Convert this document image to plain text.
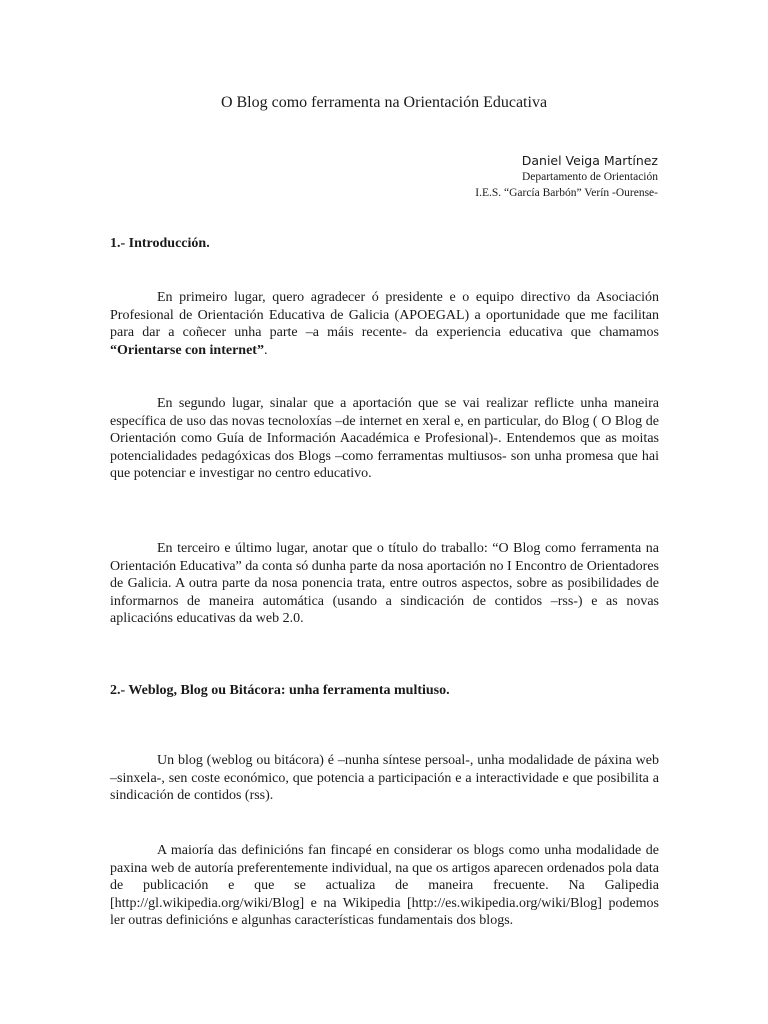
O Blog como ferramenta na Orientación Educativa
Daniel Veiga Martínez
Departamento de Orientación
I.E.S. “García Barbón” Verín -Ourense-
1.- Introducción.

En primeiro lugar, quero agradecer ó presidente e o equipo directivo da Asociación Profesional de Orientación Educativa de Galicia (APOEGAL) a oportunidade que me facilitan para dar a coñecer unha parte –a máis recente- da experiencia educativa que chamamos “Orientarse con internet”.

En segundo lugar, sinalar que a aportación que se vai realizar reflicte unha maneira específica de uso das novas tecnoloxías –de internet en xeral e, en particular, do Blog ( O Blog de Orientación como Guía de Información Aacadémica e Profesional)-. Entendemos que as moitas potencialidades pedagóxicas dos Blogs –como ferramentas multiusos- son unha promesa que hai que potenciar e investigar no centro educativo.

En terceiro e último lugar, anotar que o título do traballo: “O Blog como ferramenta na Orientación Educativa” da conta só dunha parte da nosa aportación no I Encontro de Orientadores de Galicia. A outra parte da nosa ponencia trata, entre outros aspectos, sobre as posibilidades de informarnos de maneira automática (usando a sindicación de contidos –rss-) e as novas aplicacións educativas da web 2.0.

2.- Weblog, Blog ou Bitácora: unha ferramenta multiuso.

Un blog (weblog ou bitácora) é –nunha síntese persoal-, unha modalidade de páxina web –sinxela-, sen coste económico, que potencia a participación e a interactividade e que posibilita a sindicación de contidos (rss).

A maioría das definicións fan fincapé en considerar os blogs como unha modalidade de paxina web de autoría preferentemente individual, na que os artigos aparecen ordenados pola data de publicación e que se actualiza de maneira frecuente. Na Galipedia [http://gl.wikipedia.org/wiki/Blog] e na Wikipedia [http://es.wikipedia.org/wiki/Blog] podemos ler outras definicións e algunhas características fundamentais dos blogs.
